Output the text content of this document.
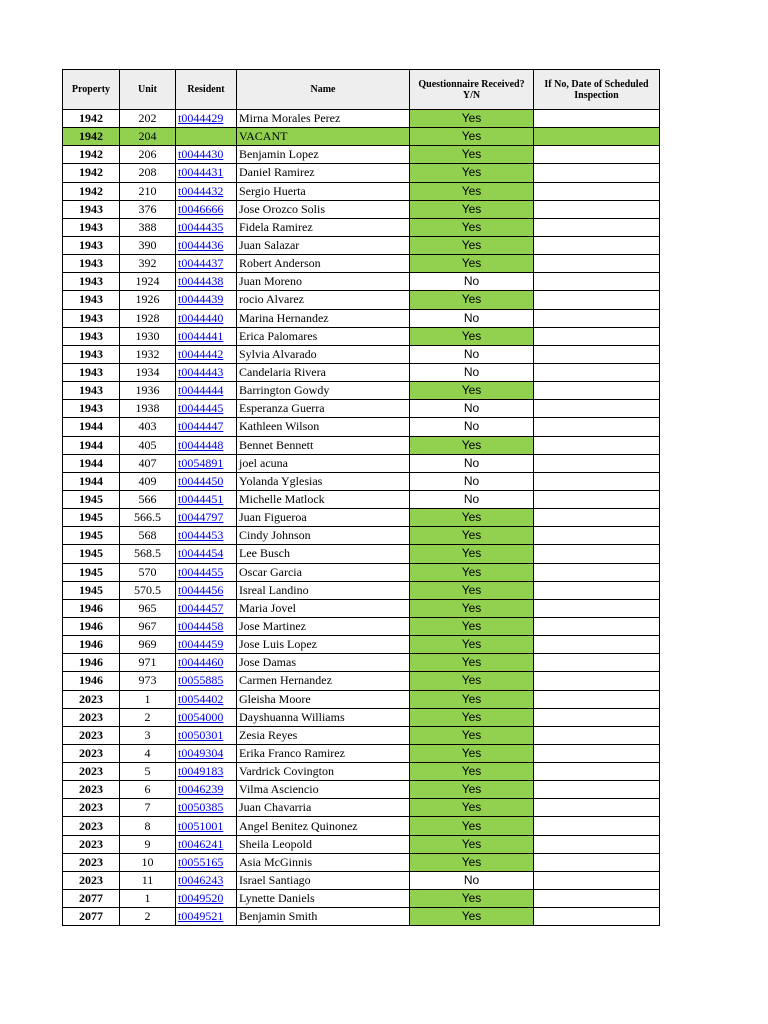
Property	Unit	Resident	Name	Questionnaire Received? Y/N	If No, Date of Scheduled Inspection
1942	202	t0044429	Mirna Morales Perez	Yes	
1942	204		VACANT	Yes	
1942	206	t0044430	Benjamin Lopez	Yes	
1942	208	t0044431	Daniel Ramirez	Yes	
1942	210	t0044432	Sergio Huerta	Yes	
1943	376	t0046666	Jose Orozco Solis	Yes	
1943	388	t0044435	Fidela Ramirez	Yes	
1943	390	t0044436	Juan Salazar	Yes	
1943	392	t0044437	Robert Anderson	Yes	
1943	1924	t0044438	Juan Moreno	No	
1943	1926	t0044439	rocio Alvarez	Yes	
1943	1928	t0044440	Marina Hernandez	No	
1943	1930	t0044441	Erica Palomares	Yes	
1943	1932	t0044442	Sylvia Alvarado	No	
1943	1934	t0044443	Candelaria Rivera	No	
1943	1936	t0044444	Barrington Gowdy	Yes	
1943	1938	t0044445	Esperanza Guerra	No	
1944	403	t0044447	Kathleen Wilson	No	
1944	405	t0044448	Bennet Bennett	Yes	
1944	407	t0054891	joel acuna	No	
1944	409	t0044450	Yolanda Yglesias	No	
1945	566	t0044451	Michelle Matlock	No	
1945	566.5	t0044797	Juan Figueroa	Yes	
1945	568	t0044453	Cindy Johnson	Yes	
1945	568.5	t0044454	Lee Busch	Yes	
1945	570	t0044455	Oscar Garcia	Yes	
1945	570.5	t0044456	Isreal Landino	Yes	
1946	965	t0044457	Maria Jovel	Yes	
1946	967	t0044458	Jose Martinez	Yes	
1946	969	t0044459	Jose Luis Lopez	Yes	
1946	971	t0044460	Jose Damas	Yes	
1946	973	t0055885	Carmen Hernandez	Yes	
2023	1	t0054402	Gleisha Moore	Yes	
2023	2	t0054000	Dayshuanna Williams	Yes	
2023	3	t0050301	Zesia Reyes	Yes	
2023	4	t0049304	Erika Franco Ramirez	Yes	
2023	5	t0049183	Vardrick Covington	Yes	
2023	6	t0046239	Vilma Asciencio	Yes	
2023	7	t0050385	Juan Chavarria	Yes	
2023	8	t0051001	Angel Benitez Quinonez	Yes	
2023	9	t0046241	Sheila Leopold	Yes	
2023	10	t0055165	Asia McGinnis	Yes	
2023	11	t0046243	Israel Santiago	No	
2077	1	t0049520	Lynette Daniels	Yes	
2077	2	t0049521	Benjamin Smith	Yes	
